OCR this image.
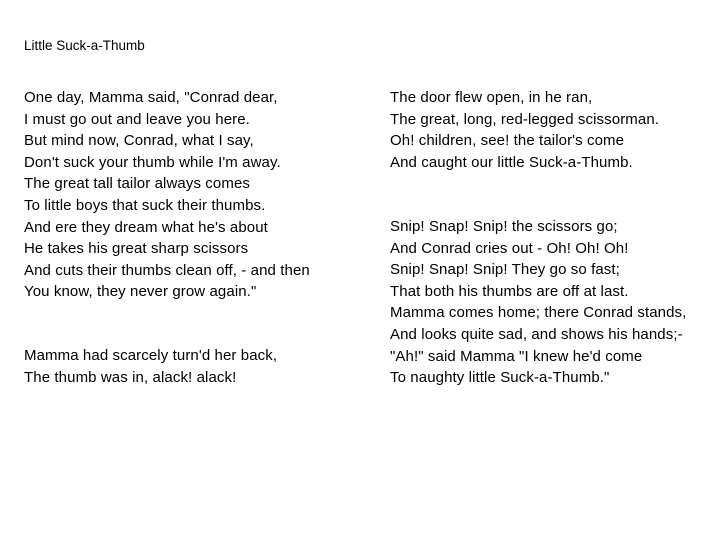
Little Suck-a-Thumb
One day, Mamma said, "Conrad dear,
I must go out and leave you here.
But mind now, Conrad, what I say,
Don't suck your thumb while I'm away.
The great tall tailor always comes
To little boys that suck their thumbs.
And ere they dream what he's about
He takes his great sharp scissors
And cuts their thumbs clean off, - and then
You know, they never grow again."
The door flew open, in he ran,
The great, long, red-legged scissorman.
Oh! children, see! the tailor's come
And caught our little Suck-a-Thumb.
Mamma had scarcely turn'd her back,
The thumb was in, alack! alack!
Snip! Snap! Snip! the scissors go;
And Conrad cries out - Oh! Oh! Oh!
Snip! Snap! Snip! They go so fast;
That both his thumbs are off at last.
Mamma comes home; there Conrad stands,
And looks quite sad, and shows his hands;-
"Ah!" said Mamma "I knew he'd come
To naughty little Suck-a-Thumb."
